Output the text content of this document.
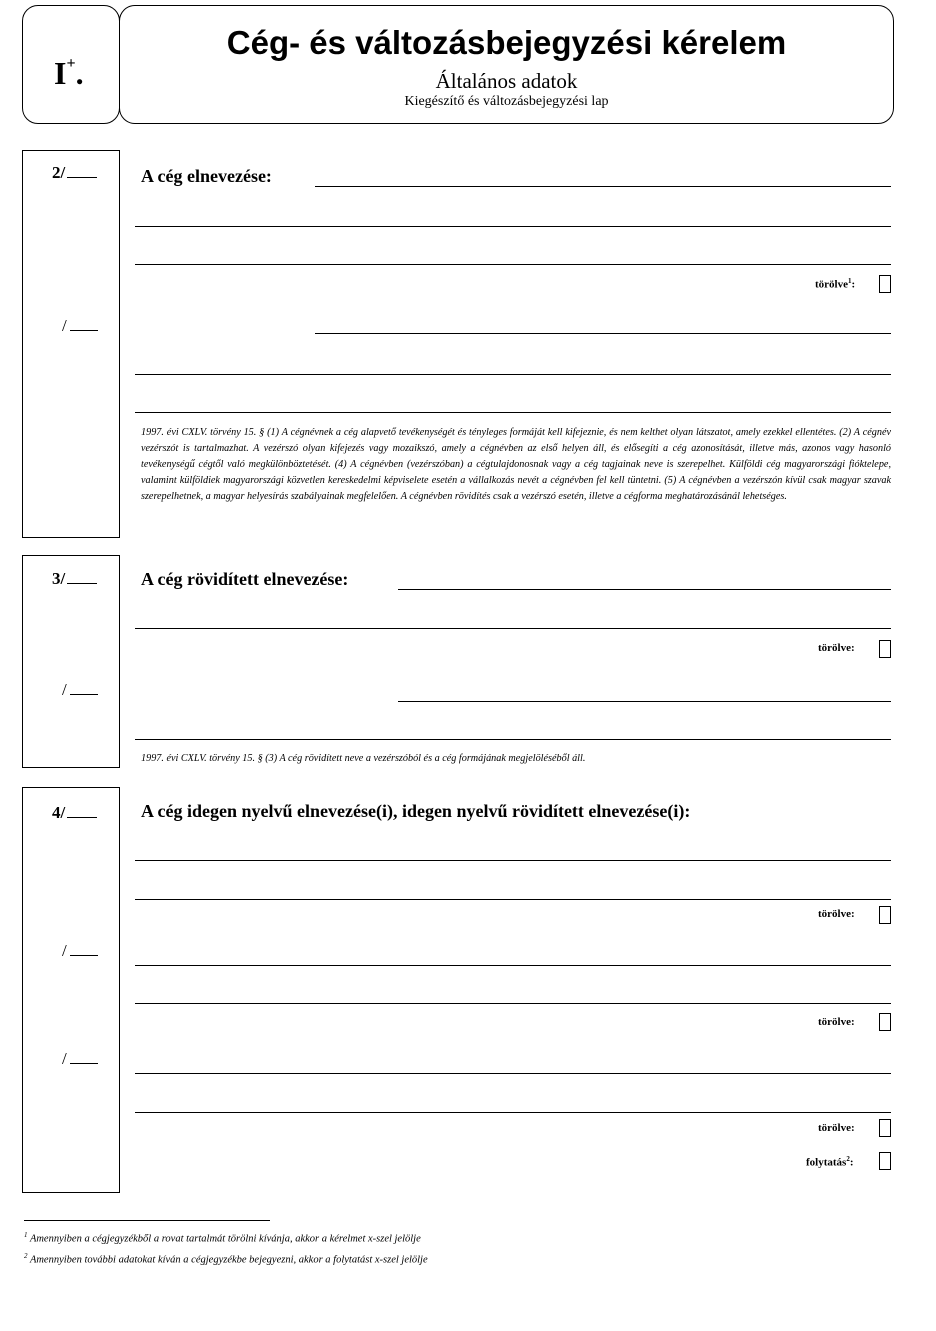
I+.
Cég- és változásbejegyzési kérelem
Általános adatok
Kiegészítő és változásbejegyzési lap
2/
/
A cég elnevezése:
törölve$^1$:
1997. évi CXLV. törvény 15. § (1) A cégnévnek a cég alapvető tevékenységét és tényleges formáját kell kifejeznie, és nem kelthet olyan látszatot, amely ezekkel ellentétes. (2) A cégnév vezérszót is tartalmazhat. A vezérszó olyan kifejezés vagy mozaikszó, amely a cégnévben az első helyen áll, és elősegíti a cég azonosítását, illetve más, azonos vagy hasonló tevékenységű cégtől való megkülönböztetését. (4) A cégnévben (vezérszóban) a cégtulajdonosnak vagy a cég tagjainak neve is szerepelhet. Külföldi cég magyarországi fióktelepe, valamint külföldiek magyarországi közvetlen kereskedelmi képviselete esetén a vállalkozás nevét a cégnévben fel kell tüntetni. (5) A cégnévben a vezérszón kívül csak magyar szavak szerepelhetnek, a magyar helyesírás szabályainak megfelelően. A cégnévben rövidítés csak a vezérszó esetén, illetve a cégforma meghatározásánál lehetséges.
3/
/
A cég rövidített elnevezése:
törölve:
1997. évi CXLV. törvény 15. § (3) A cég rövidített neve a vezérszóból és a cég formájának megjelöléséből áll.
4/
/
/
A cég idegen nyelvű elnevezése(i), idegen nyelvű rövidített elnevezése(i):
törölve:
törölve:
törölve:
folytatás$^2$:
$^1$ Amennyiben a cégjegyzékből a rovat tartalmát törölni kívánja, akkor a kérelmet x-szel jelölje
$^2$ Amennyiben további adatokat kíván a cégjegyzékbe bejegyezni, akkor a folytatást x-szel jelölje
